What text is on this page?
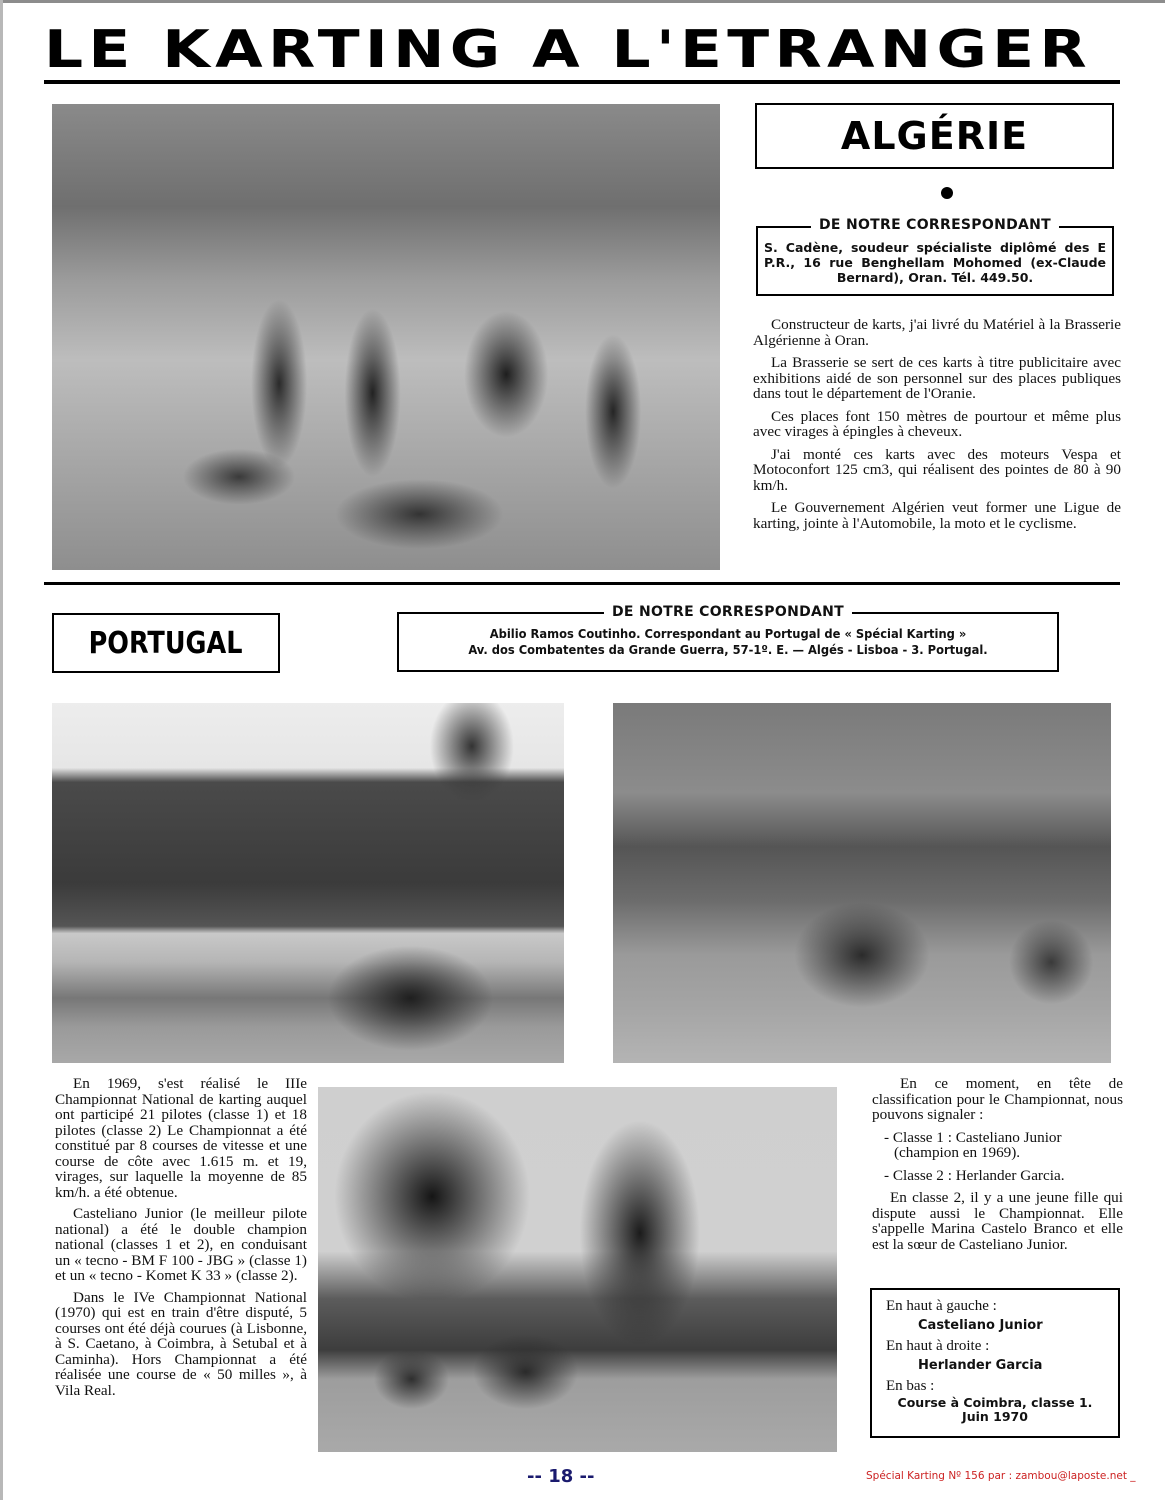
LE KARTING A L'ETRANGER
ALGÉRIE
DE NOTRE CORRESPONDANT
S. Cadène, soudeur spécialiste diplômé des E P.R., 16 rue Benghellam Mohomed (ex-Claude Bernard), Oran. Tél. 449.50.

Constructeur de karts, j'ai livré du Matériel à la Brasserie Algérienne à Oran.

La Brasserie se sert de ces karts à titre publicitaire avec exhibitions aidé de son personnel sur des places publiques dans tout le département de l'Oranie.

Ces places font 150 mètres de pourtour et même plus avec virages à épingles à cheveux.

J'ai monté ces karts avec des moteurs Vespa et Motoconfort 125 cm3, qui réalisent des pointes de 80 à 90 km/h.

Le Gouvernement Algérien veut former une Ligue de karting, jointe à l'Automobile, la moto et le cyclisme.

PORTUGAL
DE NOTRE CORRESPONDANT
Abilio Ramos Coutinho. Correspondant au Portugal de « Spécial Karting »
Av. dos Combatentes da Grande Guerra, 57-1º. E. — Algés - Lisboa - 3. Portugal.

En 1969, s'est réalisé le IIIe Championnat National de karting auquel ont participé 21 pilotes (classe 1) et 18 pilotes (classe 2) Le Championnat a été constitué par 8 courses de vitesse et une course de côte avec 1.615 m. et 19, virages, sur laquelle la moyenne de 85 km/h. a été obtenue.

Casteliano Junior (le meilleur pilote national) a été le double champion national (classes 1 et 2), en conduisant un « tecno - BM F 100 - JBG » (classe 1) et un « tecno - Komet K 33 » (classe 2).

Dans le IVe Championnat National (1970) qui est en train d'être disputé, 5 courses ont été déjà courues (à Lisbonne, à S. Caetano, à Coimbra, à Setubal et à Caminha). Hors Championnat a été réalisée une course de « 50 milles », à Vila Real.

En ce moment, en tête de classification pour le Championnat, nous pouvons signaler :

- Classe 1 : Casteliano Junior
(champion en 1969).

- Classe 2 : Herlander Garcia.

En classe 2, il y a une jeune fille qui dispute aussi le Championnat. Elle s'appelle Marina Castelo Branco et elle est la sœur de Casteliano Junior.

En haut à gauche :
Casteliano Junior
En haut à droite :
Herlander Garcia
En bas :
Course à Coimbra, classe 1.
Juin 1970
-- 18 --	Spécial Karting Nº 156 par : zambou@laposte.net _
